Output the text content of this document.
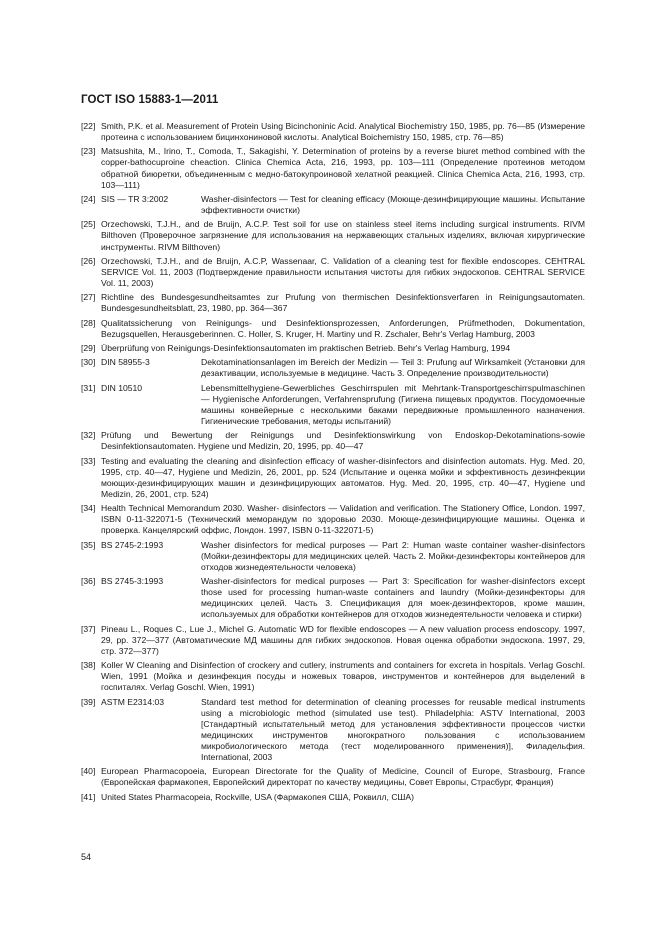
ГОСТ ISO 15883-1—2011
[22] Smith, P.K. et al. Measurement of Protein Using Bicinchoninic Acid. Analytical Biochemistry 150, 1985, pp. 76—85 (Измерение протеина с использованием бицинхониновой кислоты. Analytical Boichemistry 150, 1985, стр. 76—85)
[23] Matsushita, M., Irino, T., Comoda, T., Sakagishi, Y. Determination of proteins by a reverse biuret method combined with the copper-bathocuproine cheaction. Clinica Chemica Acta, 216, 1993, pp. 103—111 (Определение протеинов методом обратной биюретки, объединенным с медно-батокупроиновой хелатной реакцией. Clinica Chemica Acta, 216, 1993, стр. 103—111)
[24] SIS — TR 3:2002	Washer-disinfectors — Test for cleaning efficacy (Моюще-дезинфицирующие машины. Испытание эффективности очистки)
[25] Orzechowski, T.J.H., and de Bruijn, A.C.P. Test soil for use on stainless steel items including surgical instruments. RIVM Bilthoven (Проверочное загрязнение для использования на нержавеющих стальных изделиях, включая хирургические инструменты. RIVM Bilthoven)
[26] Orzechowski, T.J.H., and de Bruijn, A.C.P, Wassenaar, C. Validation of a cleaning test for flexible endoscopes. CEHTRAL SERVICE Vol. 11, 2003 (Подтверждение правильности испытания чистоты для гибких эндоскопов. CEHTRAL SERVICE Vol. 11, 2003)
[27] Richtline des Bundesgesundheitsamtes zur Prufung von thermischen Desinfektionsverfaren in Reinigungsautomaten. Bundesgesundheitsblatt, 23, 1980, pp. 364—367
[28] Qualitatssicherung von Reinigungs- und Desinfektionsprozessen, Anforderungen, Prüfmethoden, Dokumentation, Bezugsquellen, Herausgeberinnen. C. Holler, S. Kruger, H. Martiny und R. Zschaler, Behr's Verlag Hamburg, 2003
[29] Überprüfung von Reinigungs-Desinfektionsautomaten im praktischen Betrieb. Behr's Verlag Hamburg, 1994
[30] DIN 58955-3	Dekotaminationsanlagen im Bereich der Medizin — Teil 3: Prufung auf Wirksamkeit (Установки для дезактивации, используемые в медицине. Часть 3. Определение производительности)
[31] DIN 10510	Lebensmittelhygiene-Gewerbliches Geschirrspulen mit Mehrtank-Transportgeschirrspulmaschinen — Hygienische Anforderungen, Verfahrensprufung (Гигиена пищевых продуктов. Посудомоечные машины конвейерные с несколькими баками передвижные промышленного назначения. Гигиенические требования, методы испытаний)
[32] Prüfung und Bewertung der Reinigungs und Desinfektionswirkung von Endoskop-Dekotaminations-sowie Desinfektionsautomaten. Hygiene und Medizin, 20, 1995, pp. 40—47
[33] Testing and evaluating the cleaning and disinfection efficacy of washer-disinfectors and disinfection automats. Hyg. Med. 20, 1995, стр. 40—47, Hygiene und Medizin, 26, 2001, pp. 524 (Испытание и оценка мойки и эффективность дезинфекции моющих-дезинфицирующих машин и дезинфицирующих автоматов. Hyg. Med. 20, 1995, стр. 40—47, Hygiene und Medizin, 26, 2001, стр. 524)
[34] Health Technical Memorandum 2030. Washer- disinfectors — Validation and verification. The Stationery Office, London. 1997, ISBN 0-11-322071-5 (Технический меморандум по здоровью 2030. Моюще-дезинфицирующие машины. Оценка и проверка. Канцелярский оффис, Лондон. 1997, ISBN 0-11-322071-5)
[35] BS 2745-2:1993	Washer disinfectors for medical purposes — Part 2: Human waste container washer-disinfectors (Мойки-дезинфекторы для медицинских целей. Часть 2. Мойки-дезинфекторы контейнеров для отходов жизнедеятельности человека)
[36] BS 2745-3:1993	Washer-disinfectors for medical purposes — Part 3: Specification for washer-disinfectors except those used for processing human-waste containers and laundry (Мойки-дезинфекторы для медицинских целей. Часть 3. Спецификация для моек-дезинфекторов, кроме машин, используемых для обработки контейнеров для отходов жизнедеятельности человека и стирки)
[37] Pineau L., Roques C., Lue J., Michel G. Automatic WD for flexible endoscopes — A new valuation process endoscopy. 1997, 29, pp. 372—377 (Автоматические МД машины для гибких эндоскопов. Новая оценка обработки эндоскопа. 1997, 29, стр. 372—377)
[38] Koller W Cleaning and Disinfection of crockery and cutlery, instruments and containers for excreta in hospitals. Verlag Goschl. Wien, 1991 (Мойка и дезинфекция посуды и ножевых товаров, инструментов и контейнеров для выделений в госпиталях. Verlag Goschl. Wien, 1991)
[39] ASTM E2314:03	Standard test method for determination of cleaning processes for reusable medical instruments using a microbiologic method (simulated use test). Philadelphia: ASTV International, 2003 [Стандартный испытательный метод для установления эффективности процессов чистки медицинских инструментов многократного пользования с использованием микробиологического метода (тест моделированного применения)], Филадельфия. International, 2003
[40] European Pharmacopoeia, European Directorate for the Quality of Medicine, Council of Europe, Strasbourg, France (Европейская фармакопея, Европейский директорат по качеству медицины, Совет Европы, Страсбург, Франция)
[41] United States Pharmacopeia, Rockville, USA (Фармакопея США, Роквилл, США)
54
